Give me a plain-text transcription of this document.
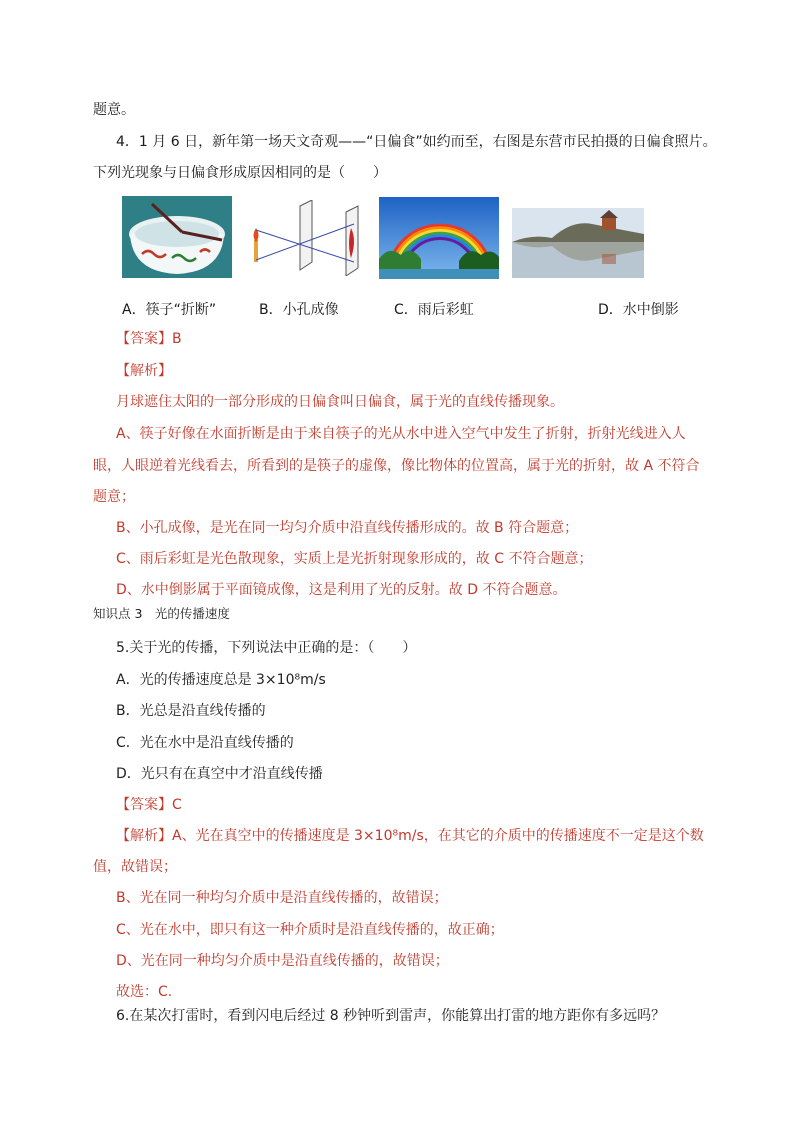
题意。
4．1 月 6 日，新年第一场天文奇观——“日偏食”如约而至，右图是东营市民拍摄的日偏食照片。
下列光现象与日偏食形成原因相同的是（　　）
A．筷子“折断”	B．小孔成像	C．雨后彩虹	D．水中倒影
【答案】B
【解析】
月球遮住太阳的一部分形成的日偏食叫日偏食，属于光的直线传播现象。
A、筷子好像在水面折断是由于来自筷子的光从水中进入空气中发生了折射，折射光线进入人
眼，人眼逆着光线看去，所看到的是筷子的虚像，像比物体的位置高，属于光的折射，故 A 不符合
题意；
B、小孔成像，是光在同一均匀介质中沿直线传播形成的。故 B 符合题意；
C、雨后彩虹是光色散现象，实质上是光折射现象形成的，故 C 不符合题意；
D、水中倒影属于平面镜成像，这是利用了光的反射。故 D 不符合题意。
知识点 3　光的传播速度
5.关于光的传播，下列说法中正确的是：（　　）
A．光的传播速度总是 3×10⁸m/s
B．光总是沿直线传播的
C．光在水中是沿直线传播的
D．光只有在真空中才沿直线传播
【答案】C
【解析】A、光在真空中的传播速度是 3×10⁸m/s，在其它的介质中的传播速度不一定是这个数
值，故错误；
B、光在同一种均匀介质中是沿直线传播的，故错误；
C、光在水中，即只有这一种介质时是沿直线传播的，故正确；
D、光在同一种均匀介质中是沿直线传播的，故错误；
故选：C.
6.在某次打雷时，看到闪电后经过 8 秒钟听到雷声，你能算出打雷的地方距你有多远吗？
